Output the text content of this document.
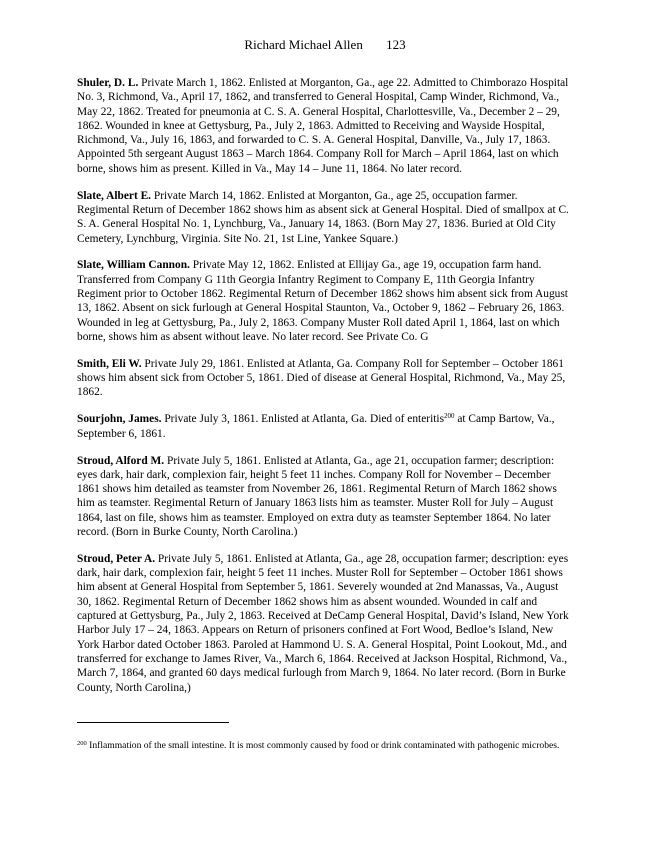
Richard Michael Allen 123

Shuler, D. L. Private March 1, 1862. Enlisted at Morganton, Ga., age 22. Admitted to Chimborazo Hospital No. 3, Richmond, Va., April 17, 1862, and transferred to General Hospital, Camp Winder, Richmond, Va., May 22, 1862. Treated for pneumonia at C. S. A. General Hospital, Charlottesville, Va., December 2 – 29, 1862. Wounded in knee at Gettysburg, Pa., July 2, 1863. Admitted to Receiving and Wayside Hospital, Richmond, Va., July 16, 1863, and forwarded to C. S. A. General Hospital, Danville, Va., July 17, 1863. Appointed 5th sergeant August 1863 – March 1864. Company Roll for March – April 1864, last on which borne, shows him as present. Killed in Va., May 14 – June 11, 1864. No later record.

Slate, Albert E. Private March 14, 1862. Enlisted at Morganton, Ga., age 25, occupation farmer. Regimental Return of December 1862 shows him as absent sick at General Hospital. Died of smallpox at C. S. A. General Hospital No. 1, Lynchburg, Va., January 14, 1863. (Born May 27, 1836. Buried at Old City Cemetery, Lynchburg, Virginia. Site No. 21, 1st Line, Yankee Square.)

Slate, William Cannon. Private May 12, 1862. Enlisted at Ellijay Ga., age 19, occupation farm hand. Transferred from Company G 11th Georgia Infantry Regiment to Company E, 11th Georgia Infantry Regiment prior to October 1862. Regimental Return of December 1862 shows him absent sick from August 13, 1862. Absent on sick furlough at General Hospital Staunton, Va., October 9, 1862 – February 26, 1863. Wounded in leg at Gettysburg, Pa., July 2, 1863. Company Muster Roll dated April 1, 1864, last on which borne, shows him as absent without leave. No later record. See Private Co. G

Smith, Eli W. Private July 29, 1861. Enlisted at Atlanta, Ga. Company Roll for September – October 1861 shows him absent sick from October 5, 1861. Died of disease at General Hospital, Richmond, Va., May 25, 1862.

Sourjohn, James. Private July 3, 1861. Enlisted at Atlanta, Ga. Died of enteritis$^{200}$ at Camp Bartow, Va., September 6, 1861.

Stroud, Alford M. Private July 5, 1861. Enlisted at Atlanta, Ga., age 21, occupation farmer; description: eyes dark, hair dark, complexion fair, height 5 feet 11 inches. Company Roll for November – December 1861 shows him detailed as teamster from November 26, 1861. Regimental Return of March 1862 shows him as teamster. Regimental Return of January 1863 lists him as teamster. Muster Roll for July – August 1864, last on file, shows him as teamster. Employed on extra duty as teamster September 1864. No later record. (Born in Burke County, North Carolina.)

Stroud, Peter A. Private July 5, 1861. Enlisted at Atlanta, Ga., age 28, occupation farmer; description: eyes dark, hair dark, complexion fair, height 5 feet 11 inches. Muster Roll for September – October 1861 shows him absent at General Hospital from September 5, 1861. Severely wounded at 2nd Manassas, Va., August 30, 1862. Regimental Return of December 1862 shows him as absent wounded. Wounded in calf and captured at Gettysburg, Pa., July 2, 1863. Received at DeCamp General Hospital, David’s Island, New York Harbor July 17 – 24, 1863. Appears on Return of prisoners confined at Fort Wood, Bedloe’s Island, New York Harbor dated October 1863. Paroled at Hammond U. S. A. General Hospital, Point Lookout, Md., and transferred for exchange to James River, Va., March 6, 1864. Received at Jackson Hospital, Richmond, Va., March 7, 1864, and granted 60 days medical furlough from March 9, 1864. No later record. (Born in Burke County, North Carolina,)

$^{200}$ Inflammation of the small intestine. It is most commonly caused by food or drink contaminated with pathogenic microbes.
